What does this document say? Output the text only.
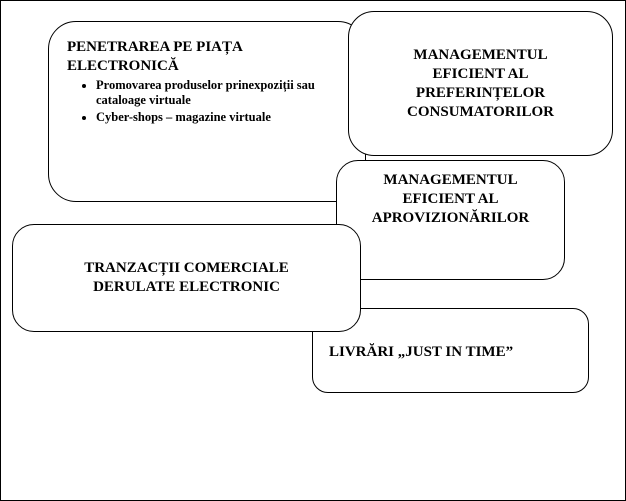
PENETRAREA PE PIAȚA
ELECTRONICĂ
• Promovarea produselor prinexpoziții sau cataloage virtuale
• Cyber-shops – magazine virtuale
MANAGEMENTUL
EFICIENT AL
PREFERINȚELOR
CONSUMATORILOR
MANAGEMENTUL
EFICIENT AL
APROVIZIONĂRILOR
LIVRĂRI „JUST IN TIME”
TRANZACȚII COMERCIALE
DERULATE ELECTRONIC
